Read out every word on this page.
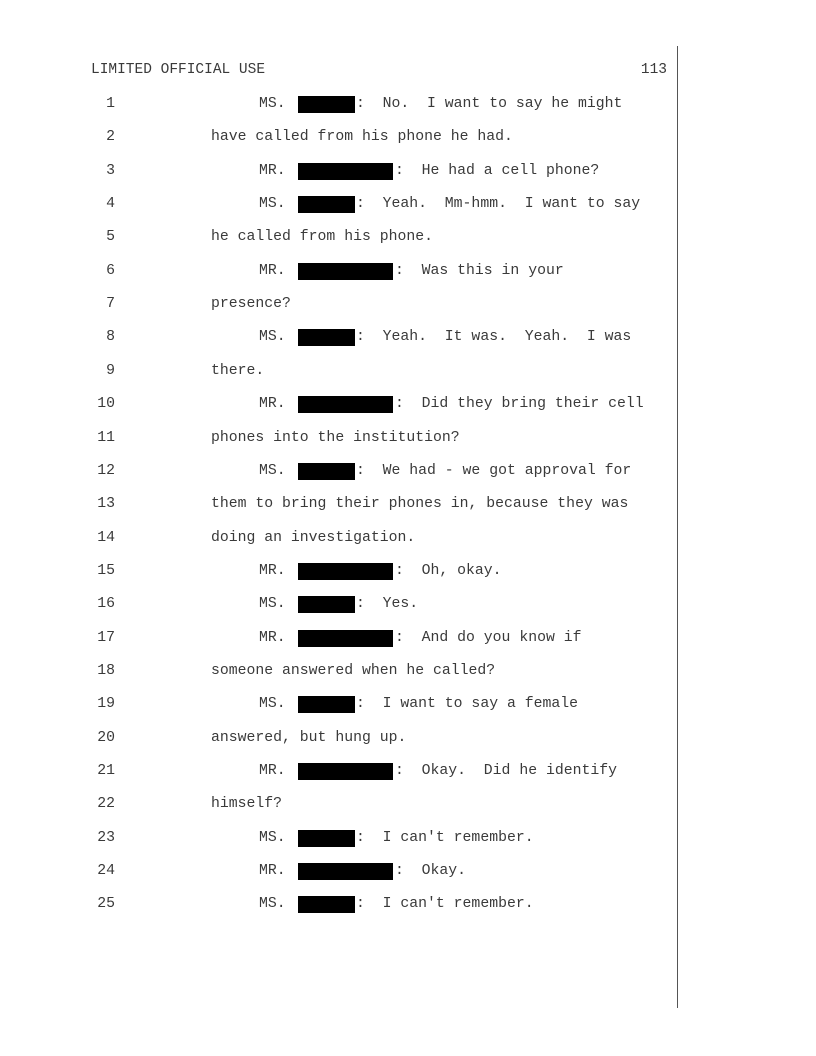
LIMITED OFFICIAL USE	113
1	MS.	:  No.  I want to say he might
2	have called from his phone he had.
3	MR.	:  He had a cell phone?
4	MS.	:  Yeah.  Mm-hmm.  I want to say
5	he called from his phone.
6	MR.	:  Was this in your
7	presence?
8	MS.	:  Yeah.  It was.  Yeah.  I was
9	there.
10	MR.	:  Did they bring their cell
11	phones into the institution?
12	MS.	:  We had - we got approval for
13	them to bring their phones in, because they was
14	doing an investigation.
15	MR.	:  Oh, okay.
16	MS.	:  Yes.
17	MR.	:  And do you know if
18	someone answered when he called?
19	MS.	:  I want to say a female
20	answered, but hung up.
21	MR.	:  Okay.  Did he identify
22	himself?
23	MS.	:  I can't remember.
24	MR.	:  Okay.
25	MS.	:  I can't remember.
